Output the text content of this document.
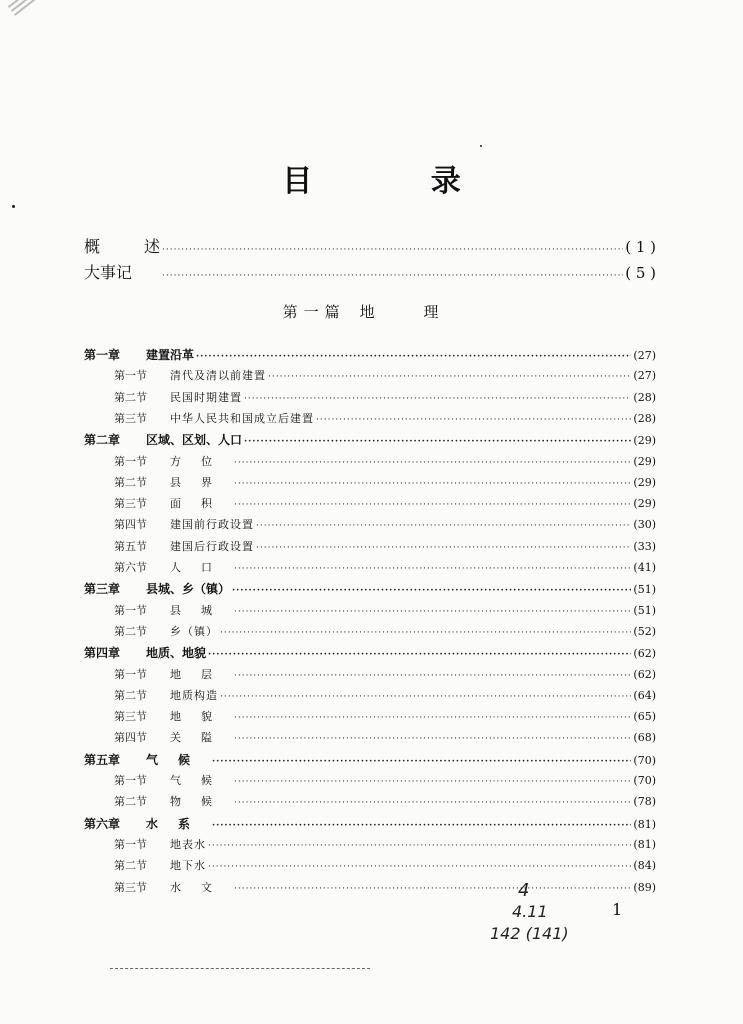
目 录
概	述 ·····	( 1 )
大事记 ·····	( 5 )
第一篇 地 理
第一章	建置沿革 ·····	(27)
第一节	清代及清以前建置 ·····	(27)
第二节	民国时期建置 ·····	(28)
第三节	中华人民共和国成立后建置 ·····	(28)
第二章	区域、区划、人口 ·····	(29)
第一节	方位 ·····	(29)
第二节	县界 ·····	(29)
第三节	面积 ·····	(29)
第四节	建国前行政设置 ·····	(30)
第五节	建国后行政设置 ·····	(33)
第六节	人口 ·····	(41)
第三章	县城、乡（镇） ·····	(51)
第一节	县城 ·····	(51)
第二节	乡（镇） ·····	(52)
第四章	地质、地貌 ·····	(62)
第一节	地层 ·····	(62)
第二节	地质构造 ·····	(64)
第三节	地貌 ·····	(65)
第四节	关隘 ·····	(68)
第五章	气候 ·····	(70)
第一节	气候 ·····	(70)
第二节	物候 ·····	(78)
第六章	水系 ·····	(81)
第一节	地表水 ·····	(81)
第二节	地下水 ·····	(84)
第三节	水文 ·····	(89)
4
4.11
142 (141)
1
